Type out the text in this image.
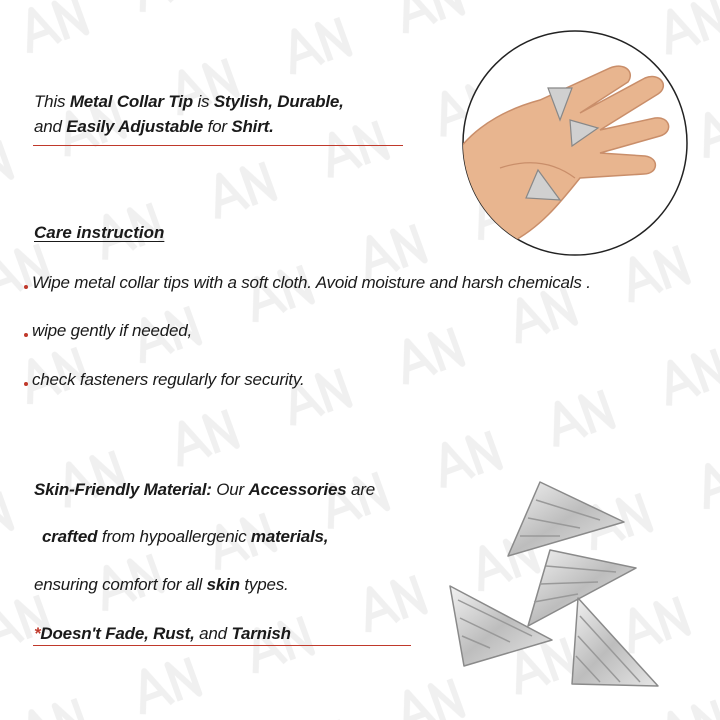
This Metal Collar Tip is Stylish, Durable,
and Easily Adjustable for Shirt.
Care instruction
Wipe metal collar tips with a soft cloth. Avoid moisture and harsh chemicals .
wipe gently if needed,
check fasteners regularly for security.
Skin-Friendly Material: Our Accessories are
crafted from hypoallergenic materials,
ensuring comfort for all skin types.
*Doesn't Fade, Rust, and Tarnish
